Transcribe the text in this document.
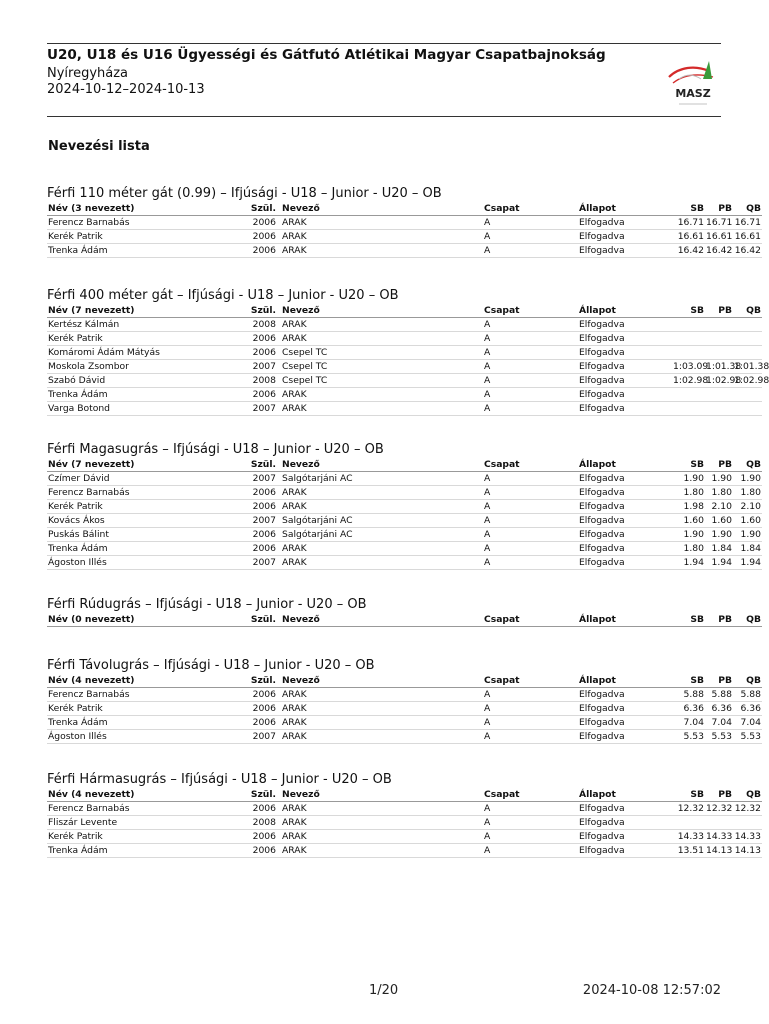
U20, U18 és U16 Ügyességi és Gátfutó Atlétikai Magyar Csapatbajnokság
Nyíregyháza
2024-10-12–2024-10-13	MASZ
Nevezési lista
Férfi 110 méter gát (0.99) – Ifjúsági - U18 – Junior - U20 – OB
Név (3 nevezett)	Szül.	Nevező	Csapat	Állapot	SB	PB	QB
Ferencz Barnabás	2006	ARAK	A	Elfogadva	16.71	16.71	16.71
Kerék Patrik	2006	ARAK	A	Elfogadva	16.61	16.61	16.61
Trenka Ádám	2006	ARAK	A	Elfogadva	16.42	16.42	16.42
Férfi 400 méter gát – Ifjúsági - U18 – Junior - U20 – OB
Név (7 nevezett)	Szül.	Nevező	Csapat	Állapot	SB	PB	QB
Kertész Kálmán	2008	ARAK	A	Elfogadva			
Kerék Patrik	2006	ARAK	A	Elfogadva			
Komáromi Ádám Mátyás	2006	Csepel TC	A	Elfogadva			
Moskola Zsombor	2007	Csepel TC	A	Elfogadva	1:03.09	1:01.38	1:01.38
Szabó Dávid	2008	Csepel TC	A	Elfogadva	1:02.98	1:02.98	1:02.98
Trenka Ádám	2006	ARAK	A	Elfogadva			
Varga Botond	2007	ARAK	A	Elfogadva			
Férfi Magasugrás – Ifjúsági - U18 – Junior - U20 – OB
Név (7 nevezett)	Szül.	Nevező	Csapat	Állapot	SB	PB	QB
Czímer Dávid	2007	Salgótarjáni AC	A	Elfogadva	1.90	1.90	1.90
Ferencz Barnabás	2006	ARAK	A	Elfogadva	1.80	1.80	1.80
Kerék Patrik	2006	ARAK	A	Elfogadva	1.98	2.10	2.10
Kovács Ákos	2007	Salgótarjáni AC	A	Elfogadva	1.60	1.60	1.60
Puskás Bálint	2006	Salgótarjáni AC	A	Elfogadva	1.90	1.90	1.90
Trenka Ádám	2006	ARAK	A	Elfogadva	1.80	1.84	1.84
Ágoston Illés	2007	ARAK	A	Elfogadva	1.94	1.94	1.94
Férfi Rúdugrás – Ifjúsági - U18 – Junior - U20 – OB
Név (0 nevezett)	Szül.	Nevező	Csapat	Állapot	SB	PB	QB
Férfi Távolugrás – Ifjúsági - U18 – Junior - U20 – OB
Név (4 nevezett)	Szül.	Nevező	Csapat	Állapot	SB	PB	QB
Ferencz Barnabás	2006	ARAK	A	Elfogadva	5.88	5.88	5.88
Kerék Patrik	2006	ARAK	A	Elfogadva	6.36	6.36	6.36
Trenka Ádám	2006	ARAK	A	Elfogadva	7.04	7.04	7.04
Ágoston Illés	2007	ARAK	A	Elfogadva	5.53	5.53	5.53
Férfi Hármasugrás – Ifjúsági - U18 – Junior - U20 – OB
Név (4 nevezett)	Szül.	Nevező	Csapat	Állapot	SB	PB	QB
Ferencz Barnabás	2006	ARAK	A	Elfogadva	12.32	12.32	12.32
Fliszár Levente	2008	ARAK	A	Elfogadva			
Kerék Patrik	2006	ARAK	A	Elfogadva	14.33	14.33	14.33
Trenka Ádám	2006	ARAK	A	Elfogadva	13.51	14.13	14.13
1/20	2024-10-08 12:57:02
